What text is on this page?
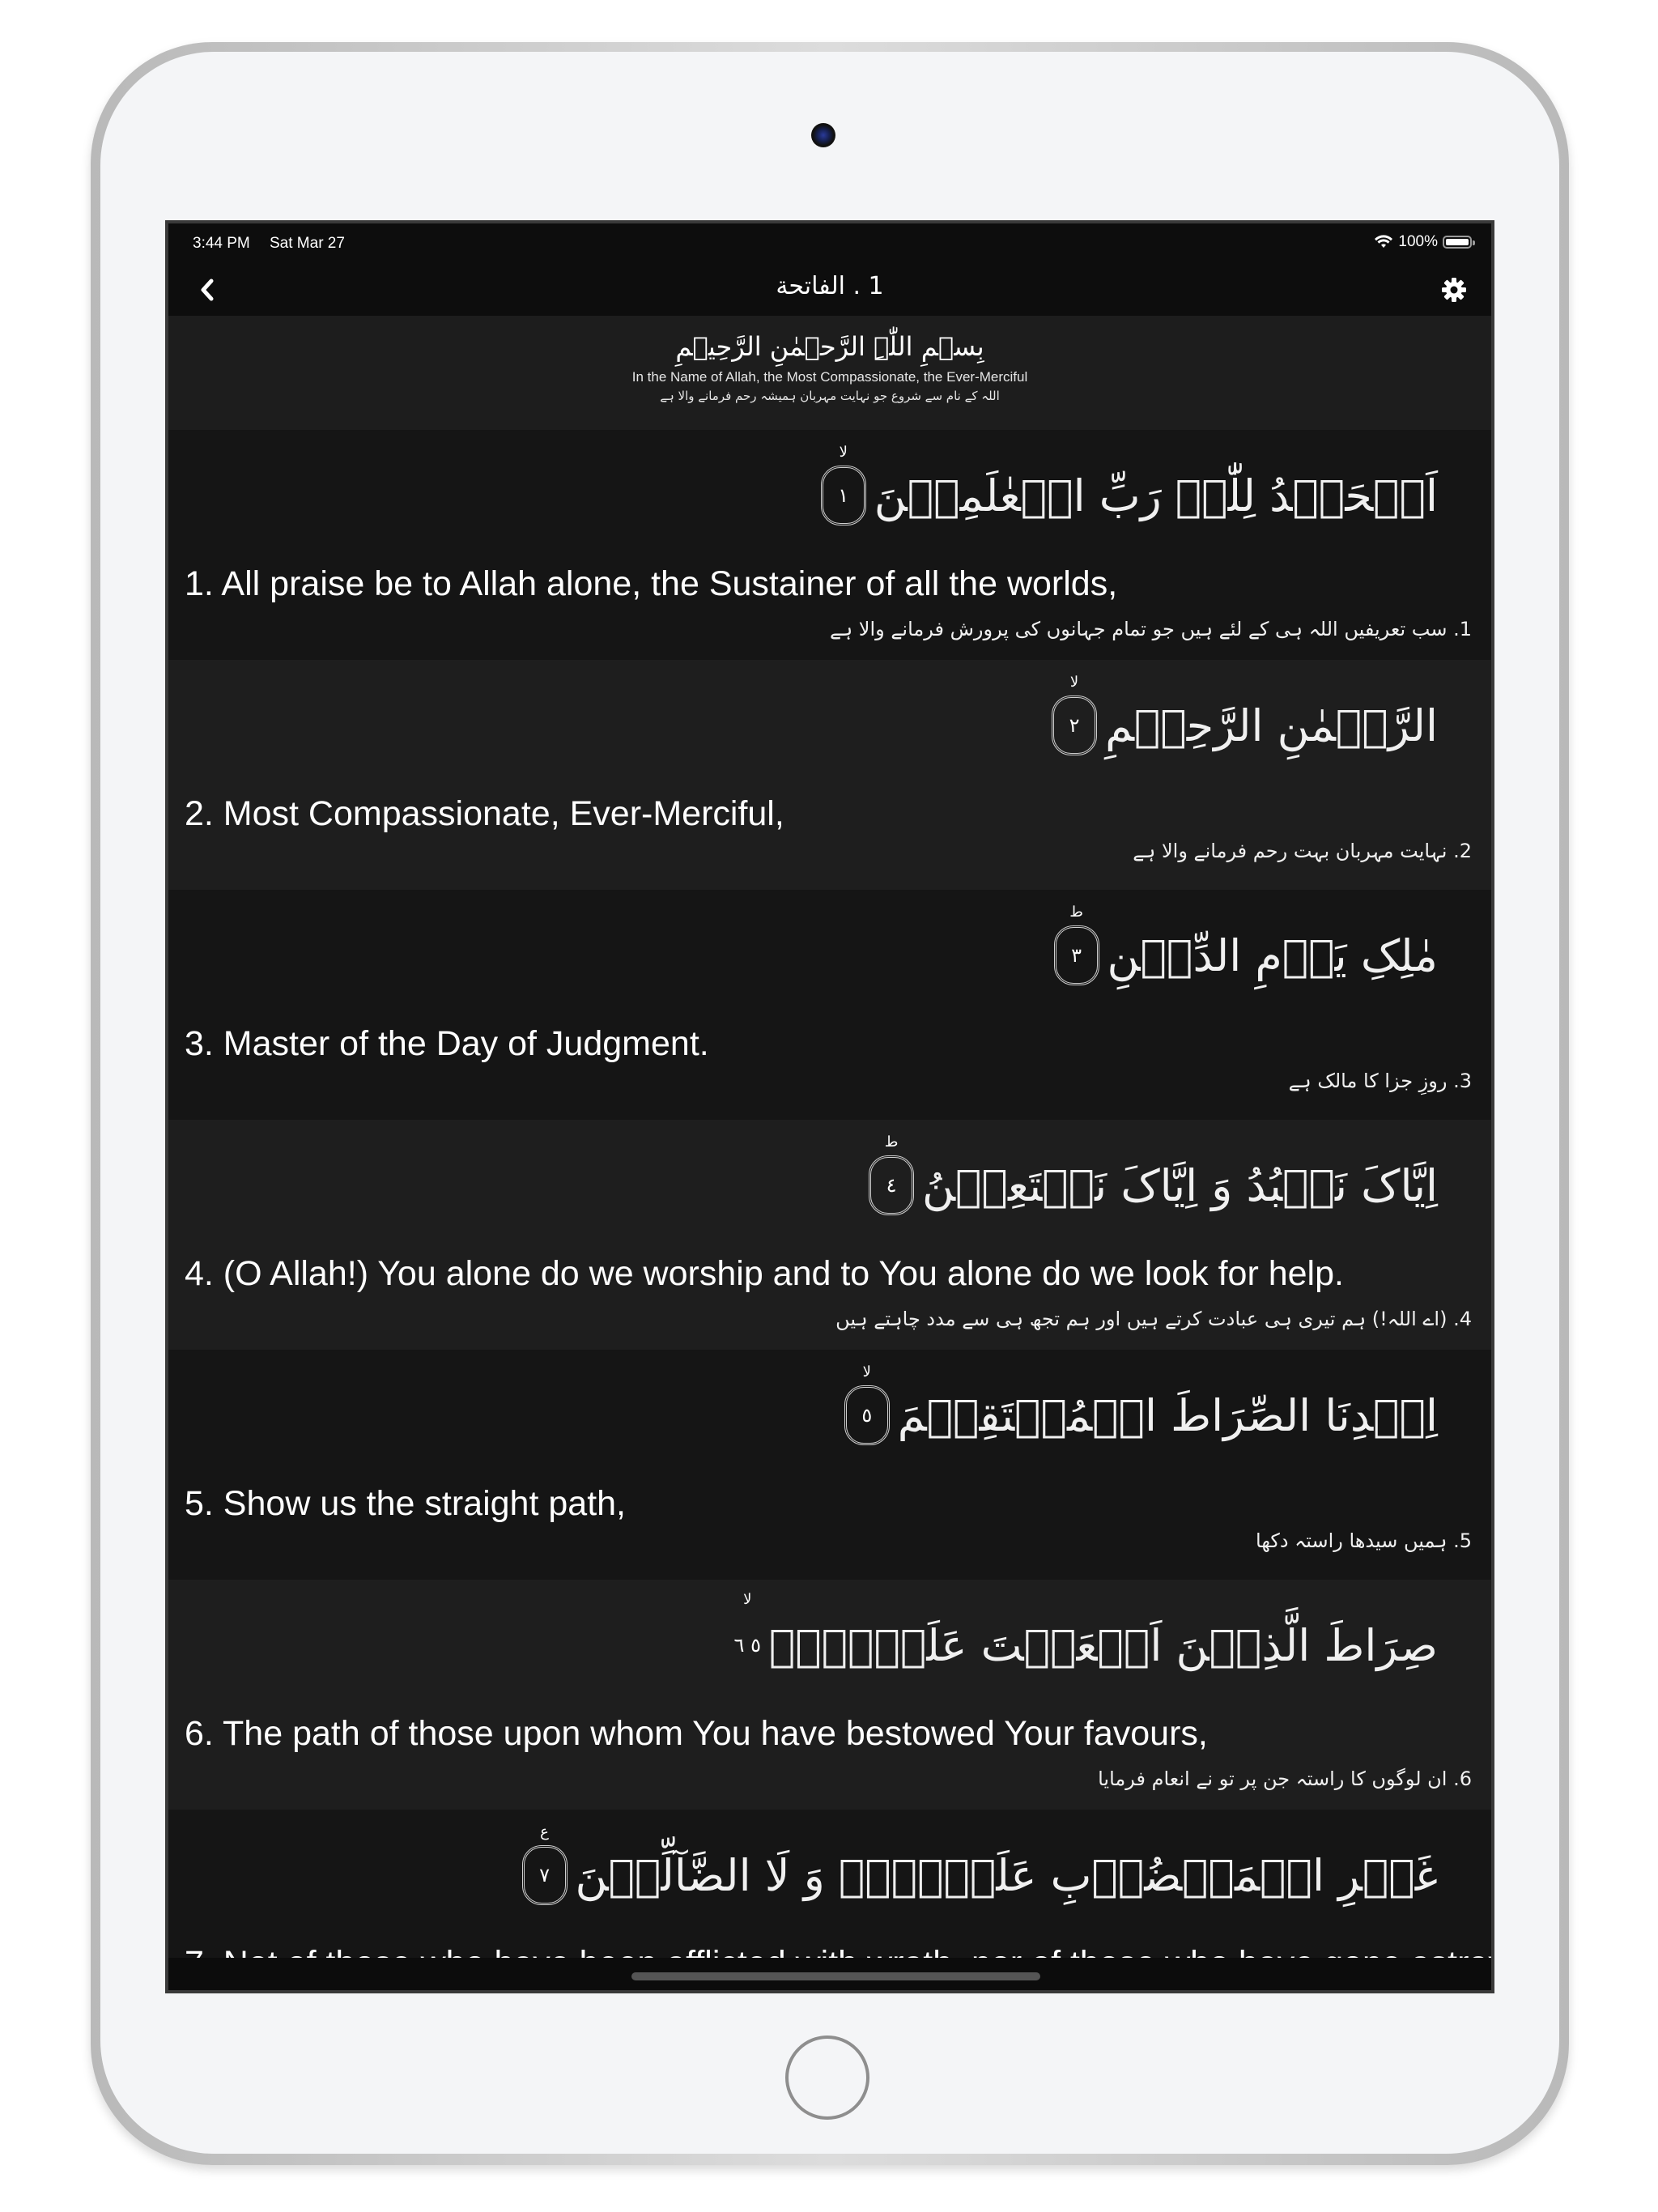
3:44 PM Sat Mar 27	100%
1 . الفاتحة
بِسۡمِ اللّٰہِ الرَّحۡمٰنِ الرَّحِیۡمِ
In the Name of Allah, the Most Compassionate, the Ever-Merciful
اللہ کے نام سے شروع جو نہایت مہربان ہمیشہ رحم فرمانے والا ہے
اَلۡحَمۡدُ لِلّٰہِ رَبِّ الۡعٰلَمِیۡنَ
لا
١
1. All praise be to Allah alone, the Sustainer of all the worlds,
1. سب تعریفیں اللہ ہی کے لئے ہیں جو تمام جہانوں کی پرورش فرمانے والا ہے
الرَّحۡمٰنِ الرَّحِیۡمِ
لا
٢
2. Most Compassionate, Ever-Merciful,
2. نہایت مہربان بہت رحم فرمانے والا ہے
مٰلِکِ یَوۡمِ الدِّیۡنِ
ط
٣
3. Master of the Day of Judgment.
3. روزِ جزا کا مالک ہے
اِیَّاکَ نَعۡبُدُ وَ اِیَّاکَ نَسۡتَعِیۡنُ
ط
٤
4. (O Allah!) You alone do we worship and to You alone do we look for help.
4. (اے اللہ!) ہم تیری ہی عبادت کرتے ہیں اور ہم تجھ ہی سے مدد چاہتے ہیں
اِہۡدِنَا الصِّرَاطَ الۡمُسۡتَقِیۡمَ
لا
٥
5. Show us the straight path,
5. ہمیں سیدھا راستہ دکھا
صِرَاطَ الَّذِیۡنَ اَنۡعَمۡتَ عَلَیۡہِمۡ
لا
٥ ٦
6. The path of those upon whom You have bestowed Your favours,
6. ان لوگوں کا راستہ جن پر تو نے انعام فرمایا
غَیۡرِ الۡمَغۡضُوۡبِ عَلَیۡہِمۡ وَ لَا الضَّآلِّیۡنَ
ع
٧
